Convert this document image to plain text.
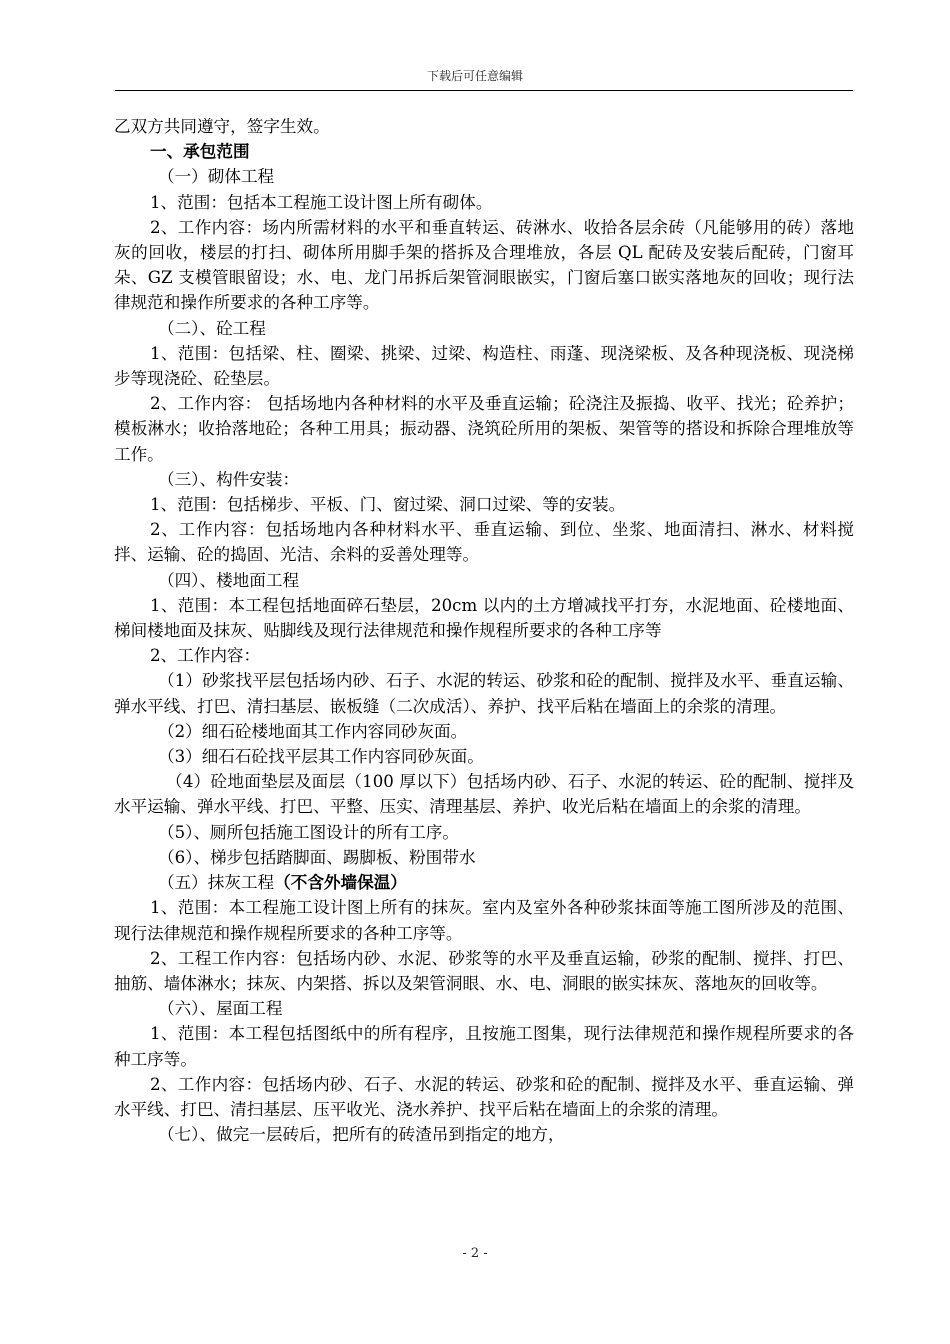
下载后可任意编辑

乙双方共同遵守，签字生效。

一、承包范围

（一）砌体工程

1、范围：包括本工程施工设计图上所有砌体。

2、工作内容：场内所需材料的水平和垂直转运、砖淋水、收拾各层余砖（凡能够用的砖）落地灰的回收，楼层的打扫、砌体所用脚手架的搭拆及合理堆放，各层 QL 配砖及安装后配砖，门窗耳朵、GZ 支模管眼留设；水、电、龙门吊拆后架管洞眼嵌实，门窗后塞口嵌实落地灰的回收；现行法律规范和操作所要求的各种工序等。

（二）、砼工程

1、范围：包括梁、柱、圈梁、挑梁、过梁、构造柱、雨蓬、现浇梁板、及各种现浇板、现浇梯步等现浇砼、砼垫层。

2、工作内容： 包括场地内各种材料的水平及垂直运输；砼浇注及振捣、收平、找光；砼养护；模板淋水；收拾落地砼；各种工用具；振动器、浇筑砼所用的架板、架管等的搭设和拆除合理堆放等工作。

（三）、构件安装：

1、范围：包括梯步、平板、门、窗过梁、洞口过梁、等的安装。

2、工作内容：包括场地内各种材料水平、垂直运输、到位、坐浆、地面清扫、淋水、材料搅拌、运输、砼的捣固、光洁、余料的妥善处理等。

（四）、楼地面工程

1、范围：本工程包括地面碎石垫层，20cm 以内的土方增减找平打夯，水泥地面、砼楼地面、梯间楼地面及抹灰、贴脚线及现行法律规范和操作规程所要求的各种工序等

2、工作内容：

（1）砂浆找平层包括场内砂、石子、水泥的转运、砂浆和砼的配制、搅拌及水平、垂直运输、弹水平线、打巴、清扫基层、嵌板缝（二次成活）、养护、找平后粘在墙面上的余浆的清理。

（2）细石砼楼地面其工作内容同砂灰面。

（3）细石石砼找平层其工作内容同砂灰面。

（4）砼地面垫层及面层（100 厚以下）包括场内砂、石子、水泥的转运、砼的配制、搅拌及水平运输、弹水平线、打巴、平整、压实、清理基层、养护、收光后粘在墙面上的余浆的清理。

（5）、厕所包括施工图设计的所有工序。

（6）、梯步包括踏脚面、踢脚板、粉围带水

（五）抹灰工程（不含外墙保温）

1、范围：本工程施工设计图上所有的抹灰。室内及室外各种砂浆抹面等施工图所涉及的范围、现行法律规范和操作规程所要求的各种工序等。

2、工程工作内容：包括场内砂、水泥、砂浆等的水平及垂直运输，砂浆的配制、搅拌、打巴、抽筋、墙体淋水；抹灰、内架搭、拆以及架管洞眼、水、电、洞眼的嵌实抹灰、落地灰的回收等。

（六）、屋面工程

1、范围：本工程包括图纸中的所有程序，且按施工图集，现行法律规范和操作规程所要求的各种工序等。

2、工作内容：包括场内砂、石子、水泥的转运、砂浆和砼的配制、搅拌及水平、垂直运输、弹水平线、打巴、清扫基层、压平收光、浇水养护、找平后粘在墙面上的余浆的清理。

（七）、做完一层砖后，把所有的砖渣吊到指定的地方，

- 2 -
